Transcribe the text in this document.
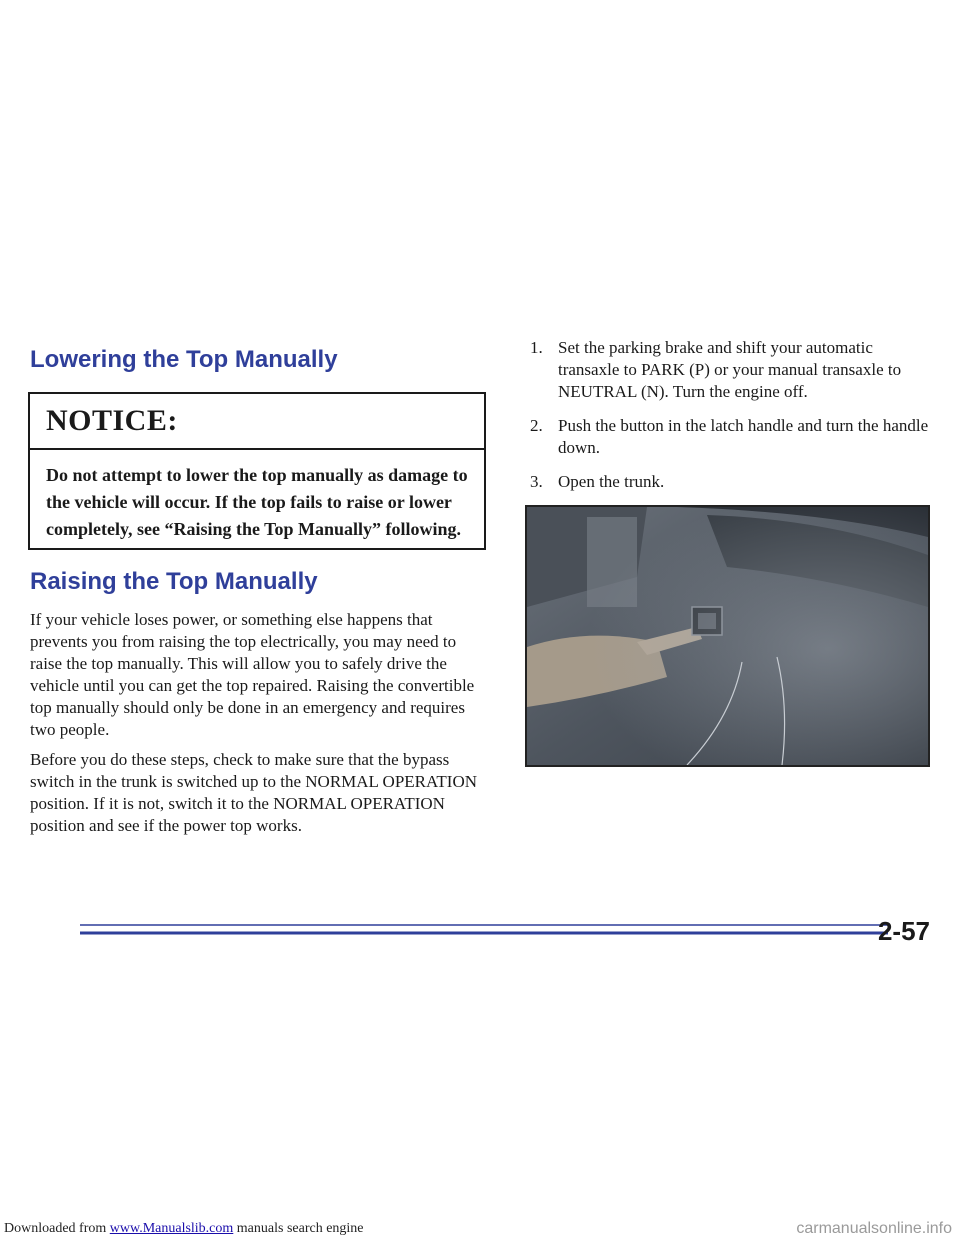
Lowering the Top Manually
NOTICE:
Do not attempt to lower the top manually as damage to the vehicle will occur. If the top fails to raise or lower completely, see “Raising the Top Manually” following.
Raising the Top Manually

If your vehicle loses power, or something else happens that prevents you from raising the top electrically, you may need to raise the top manually. This will allow you to safely drive the vehicle until you can get the top repaired. Raising the convertible top manually should only be done in an emergency and requires two people.

Before you do these steps, check to make sure that the bypass switch in the trunk is switched up to the NORMAL OPERATION position. If it is not, switch it to the NORMAL OPERATION position and see if the power top works.

1. Set the parking brake and shift your automatic transaxle to PARK (P) or your manual transaxle to NEUTRAL (N). Turn the engine off.
2. Push the button in the latch handle and turn the handle down.
3. Open the trunk.
2-57
Downloaded from www.Manualslib.com manuals search engine	carmanualsonline.info
